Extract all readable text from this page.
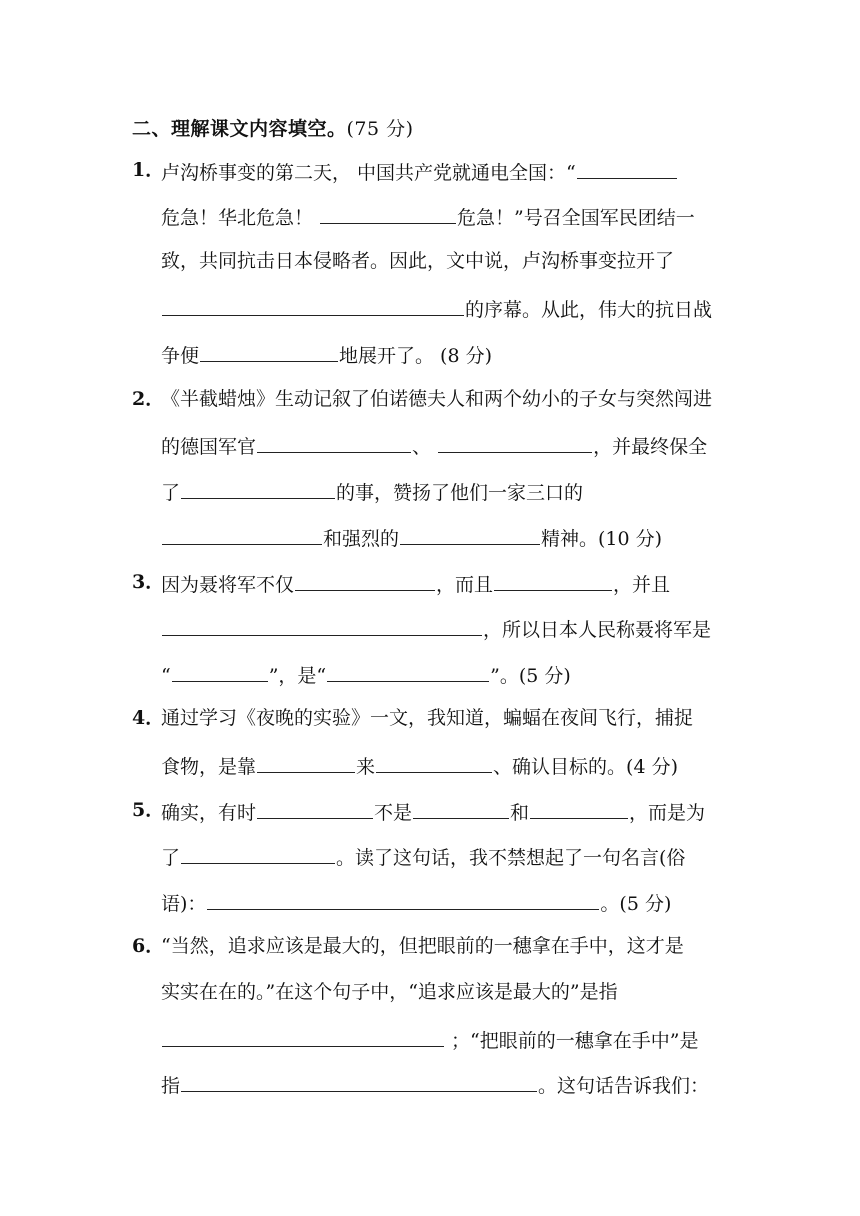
二、理解课文内容填空。(75 分)
1．
卢沟桥事变的第二天， 中国共产党就通电全国：“
危急！华北危急！	危急！”号召全国军民团结一
致，共同抗击日本侵略者。因此，文中说，卢沟桥事变拉开了
的序幕。从此，伟大的抗日战
争便	地展开了。 (8 分)
2．
《半截蜡烛》生动记叙了伯诺德夫人和两个幼小的子女与突然闯进
的德国军官	、	，并最终保全
了	的事，赞扬了他们一家三口的
和强烈的	精神。(10 分)
3．
因为聂将军不仅	，而且	，并且
，所以日本人民称聂将军是
“	”，是“	”。(5 分)
4．
通过学习《夜晚的实验》一文，我知道，蝙蝠在夜间飞行，捕捉
食物，是靠	来	、确认目标的。(4 分)
5．
确实，有时	不是	和	，而是为
了	。读了这句话，我不禁想起了一句名言(俗
语)：	。(5 分)
6．
“当然，追求应该是最大的，但把眼前的一穗拿在手中，这才是
实实在在的。”在这个句子中，“追求应该是最大的”是指
；“把眼前的一穗拿在手中”是
指	。这句话告诉我们：
